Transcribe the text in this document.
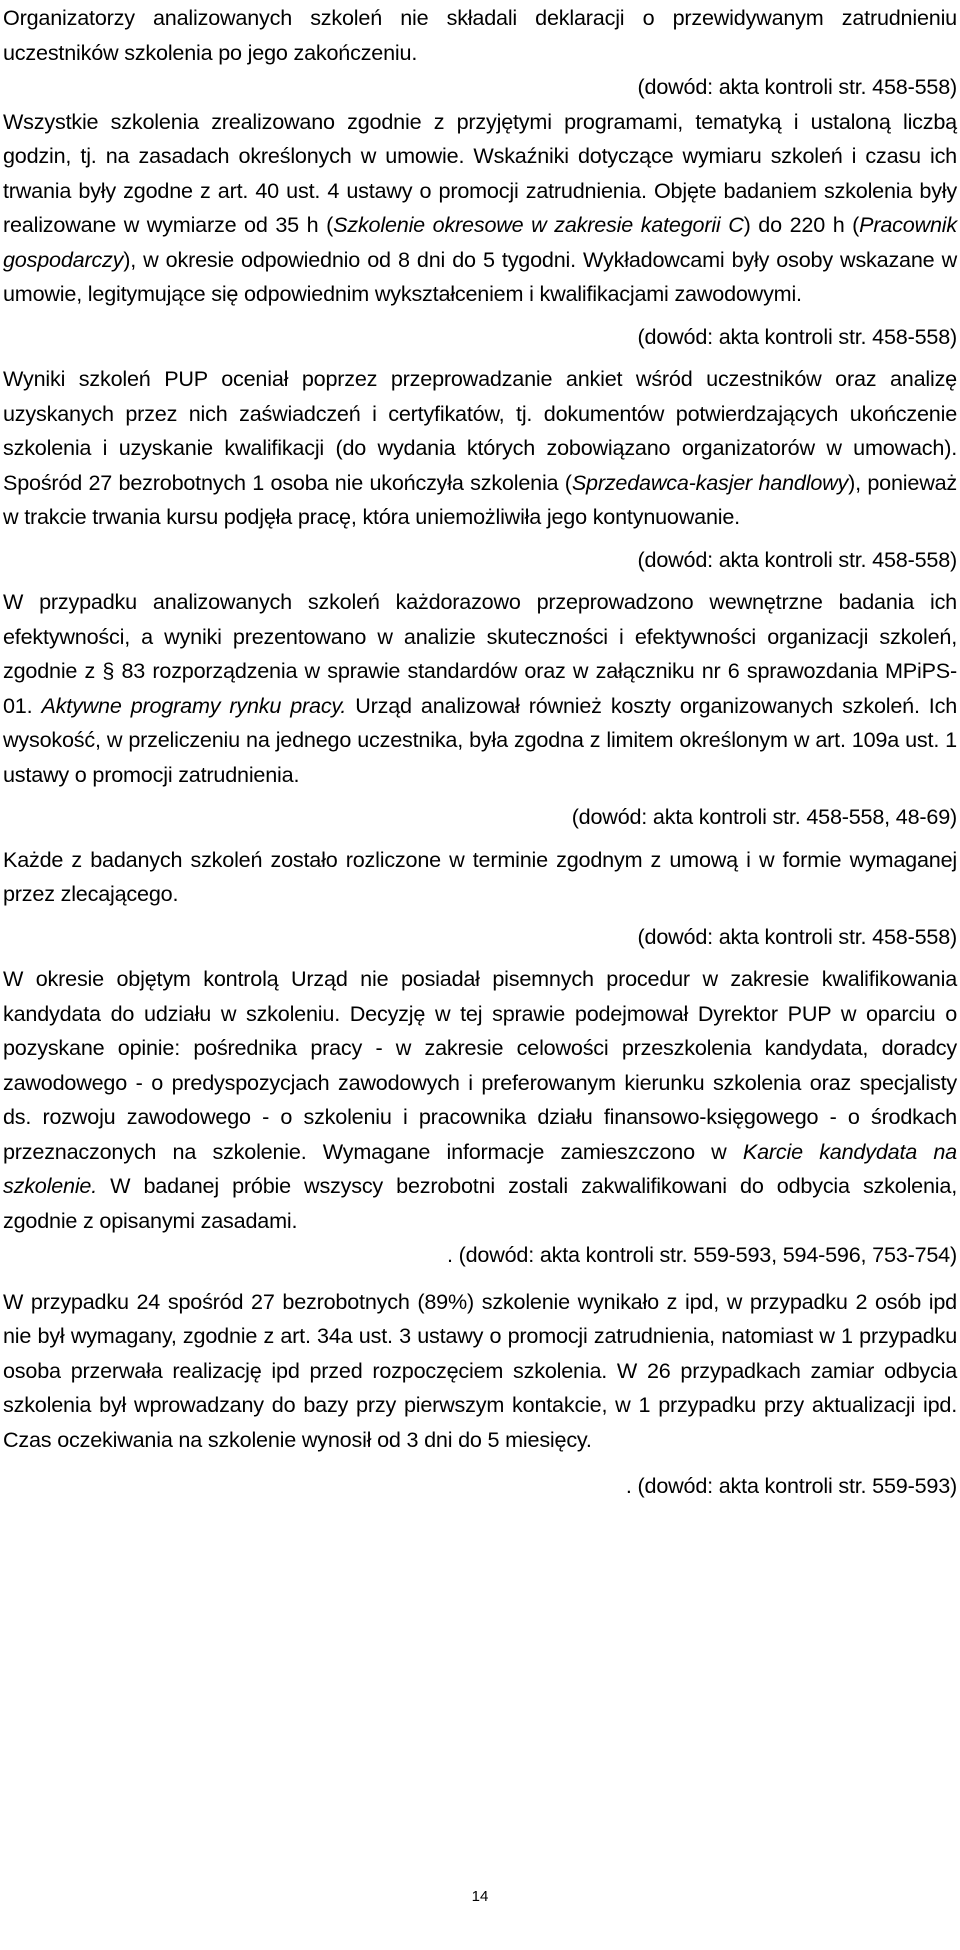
Organizatorzy analizowanych szkoleń nie składali deklaracji o przewidywanym zatrudnieniu uczestników szkolenia po jego zakończeniu.

(dowód: akta kontroli str. 458-558)

Wszystkie szkolenia zrealizowano zgodnie z przyjętymi programami, tematyką i ustaloną liczbą godzin, tj. na zasadach określonych w umowie. Wskaźniki dotyczące wymiaru szkoleń i czasu ich trwania były zgodne z art. 40 ust. 4 ustawy o promocji zatrudnienia. Objęte badaniem szkolenia były realizowane w wymiarze od 35 h (Szkolenie okresowe w zakresie kategorii C) do 220 h (Pracownik gospodarczy), w okresie odpowiednio od 8 dni do 5 tygodni. Wykładowcami były osoby wskazane w umowie, legitymujące się odpowiednim wykształceniem i kwalifikacjami zawodowymi.

(dowód: akta kontroli str. 458-558)

Wyniki szkoleń PUP oceniał poprzez przeprowadzanie ankiet wśród uczestników oraz analizę uzyskanych przez nich zaświadczeń i certyfikatów, tj. dokumentów potwierdzających ukończenie szkolenia i uzyskanie kwalifikacji (do wydania których zobowiązano organizatorów w umowach). Spośród 27 bezrobotnych 1 osoba nie ukończyła szkolenia (Sprzedawca-kasjer handlowy), ponieważ w trakcie trwania kursu podjęła pracę, która uniemożliwiła jego kontynuowanie.

(dowód: akta kontroli str. 458-558)

W przypadku analizowanych szkoleń każdorazowo przeprowadzono wewnętrzne badania ich efektywności, a wyniki prezentowano w analizie skuteczności i efektywności organizacji szkoleń, zgodnie z § 83 rozporządzenia w sprawie standardów oraz w załączniku nr 6 sprawozdania MPiPS-01. Aktywne programy rynku pracy. Urząd analizował również koszty organizowanych szkoleń. Ich wysokość, w przeliczeniu na jednego uczestnika, była zgodna z limitem określonym w art. 109a ust. 1 ustawy o promocji zatrudnienia.

(dowód: akta kontroli str. 458-558, 48-69)

Każde z badanych szkoleń zostało rozliczone w terminie zgodnym z umową i w formie wymaganej przez zlecającego.

(dowód: akta kontroli str. 458-558)

W okresie objętym kontrolą Urząd nie posiadał pisemnych procedur w zakresie kwalifikowania kandydata do udziału w szkoleniu. Decyzję w tej sprawie podejmował Dyrektor PUP w oparciu o pozyskane opinie: pośrednika pracy - w zakresie celowości przeszkolenia kandydata, doradcy zawodowego - o predyspozycjach zawodowych i preferowanym kierunku szkolenia oraz specjalisty ds. rozwoju zawodowego - o szkoleniu i pracownika działu finansowo-księgowego - o środkach przeznaczonych na szkolenie. Wymagane informacje zamieszczono w Karcie kandydata na szkolenie. W badanej próbie wszyscy bezrobotni zostali zakwalifikowani do odbycia szkolenia, zgodnie z opisanymi zasadami.

. (dowód: akta kontroli str. 559-593, 594-596, 753-754)

W przypadku 24 spośród 27 bezrobotnych (89%) szkolenie wynikało z ipd, w przypadku 2 osób ipd nie był wymagany, zgodnie z art. 34a ust. 3 ustawy o promocji zatrudnienia, natomiast w 1 przypadku osoba przerwała realizację ipd przed rozpoczęciem szkolenia. W 26 przypadkach zamiar odbycia szkolenia był wprowadzany do bazy przy pierwszym kontakcie, w 1 przypadku przy aktualizacji ipd. Czas oczekiwania na szkolenie wynosił od 3 dni do 5 miesięcy.

. (dowód: akta kontroli str. 559-593)

14
